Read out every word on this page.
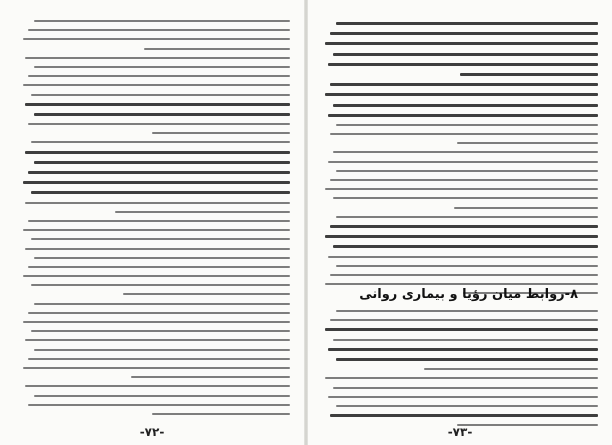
-٧٢-
٨-روابط میان رؤیا و بیماری روانی
-٧٣-
